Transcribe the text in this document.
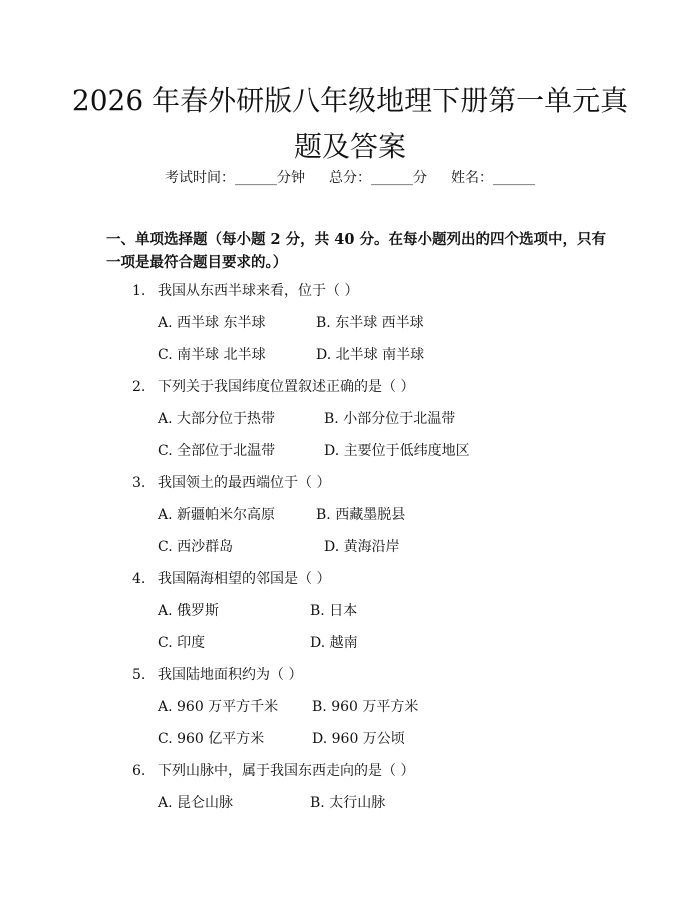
2026 年春外研版八年级地理下册第一单元真题及答案
考试时间：______分钟 总分：______分 姓名：______

一、单项选择题（每小题 2 分，共 40 分。在每小题列出的四个选项中，只有一项是最符合题目要求的。）

1. 我国从东西半球来看，位于（ ）
A. 西半球 东半球	B. 东半球 西半球
C. 南半球 北半球	D. 北半球 南半球
2. 下列关于我国纬度位置叙述正确的是（ ）
A. 大部分位于热带	B. 小部分位于北温带
C. 全部位于北温带	D. 主要位于低纬度地区
3. 我国领土的最西端位于（ ）
A. 新疆帕米尔高原	B. 西藏墨脱县
C. 西沙群岛	D. 黄海沿岸
4. 我国隔海相望的邻国是（ ）
A. 俄罗斯	B. 日本
C. 印度	D. 越南
5. 我国陆地面积约为（ ）
A. 960 万平方千米	B. 960 万平方米
C. 960 亿平方米	D. 960 万公顷
6. 下列山脉中，属于我国东西走向的是（ ）
A. 昆仑山脉	B. 太行山脉
